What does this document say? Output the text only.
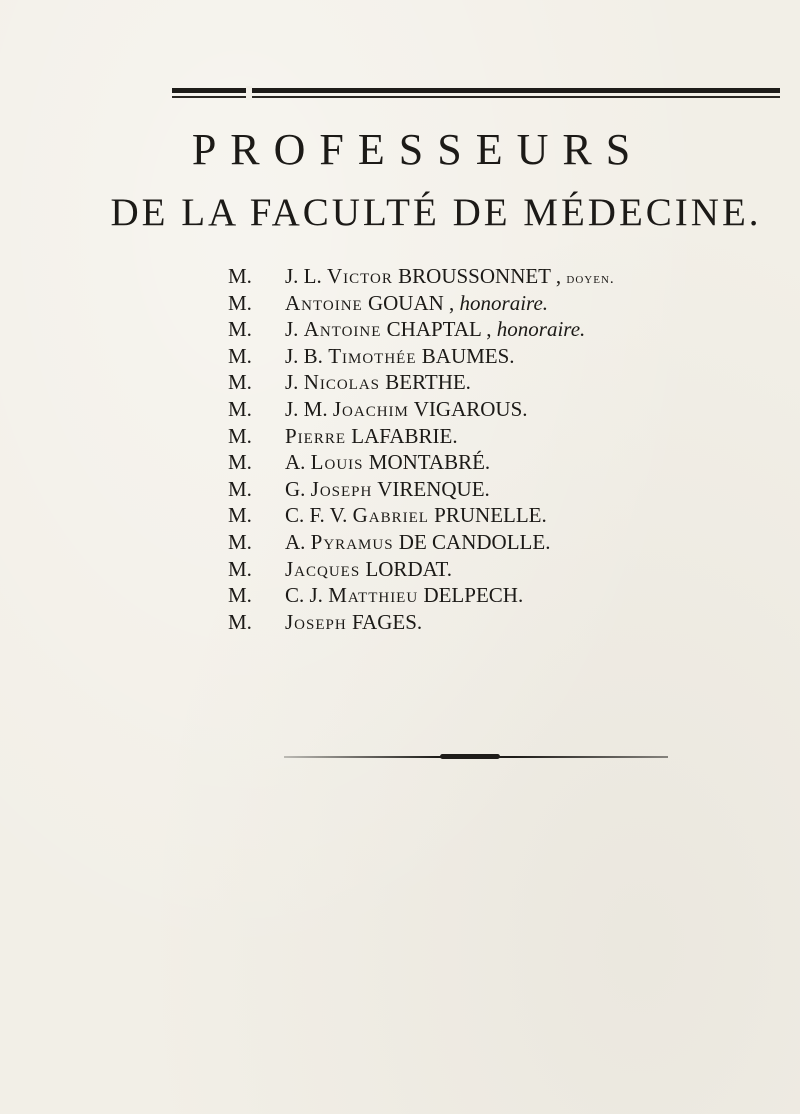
PROFESSEURS
DE LA FACULTÉ DE MÉDECINE.
M. J. L. Victor BROUSSONNET , doyen.
M. Antoine GOUAN , honoraire.
M. J. Antoine CHAPTAL , honoraire.
M. J. B. Timothée BAUMES.
M. J. Nicolas BERTHE.
M. J. M. Joachim VIGAROUS.
M. Pierre LAFABRIE.
M. A. Louis MONTABRÉ.
M. G. Joseph VIRENQUE.
M. C. F. V. Gabriel PRUNELLE.
M. A. Pyramus DE CANDOLLE.
M. Jacques LORDAT.
M. C. J. Matthieu DELPECH.
M. Joseph FAGES.
